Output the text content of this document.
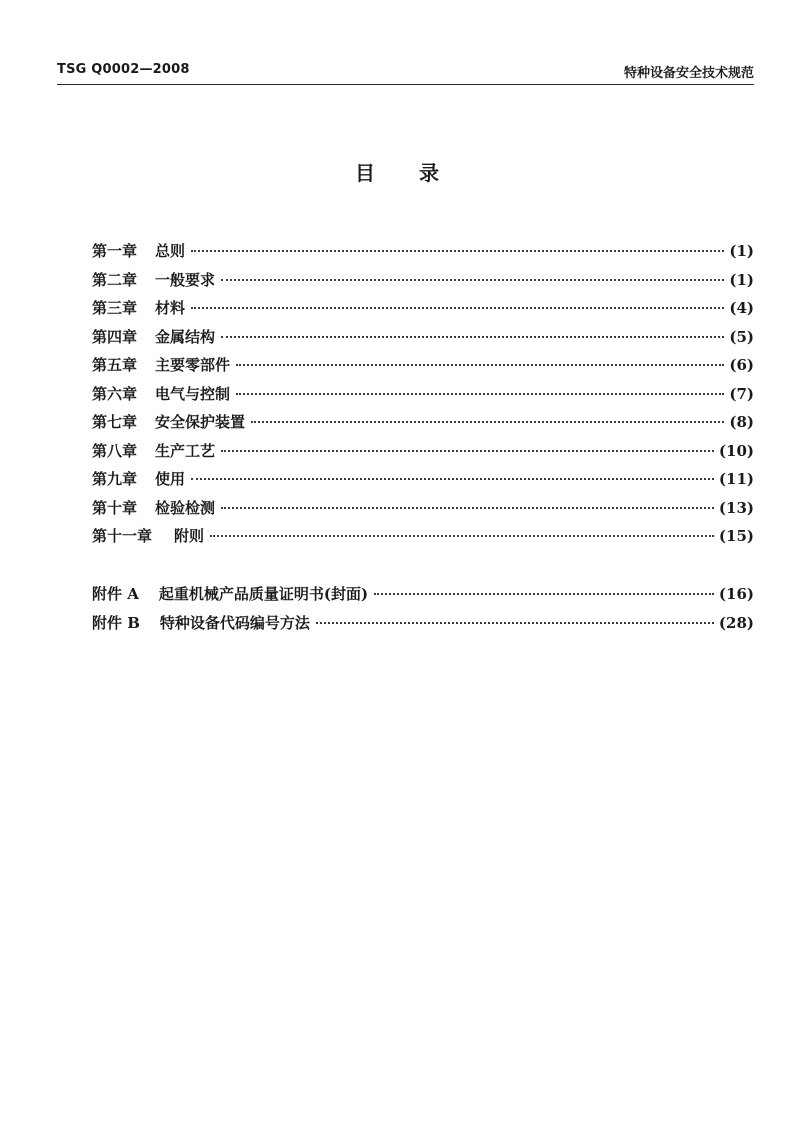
TSG Q0002—2008	特种设备安全技术规范
目 录
第一章 总则	(1)
第二章 一般要求	(1)
第三章 材料	(4)
第四章 金属结构	(5)
第五章 主要零部件	(6)
第六章 电气与控制	(7)
第七章 安全保护装置	(8)
第八章 生产工艺	(10)
第九章 使用	(11)
第十章 检验检测	(13)
第十一章 附则	(15)
附件 A 起重机械产品质量证明书(封面)	(16)
附件 B 特种设备代码编号方法	(28)
